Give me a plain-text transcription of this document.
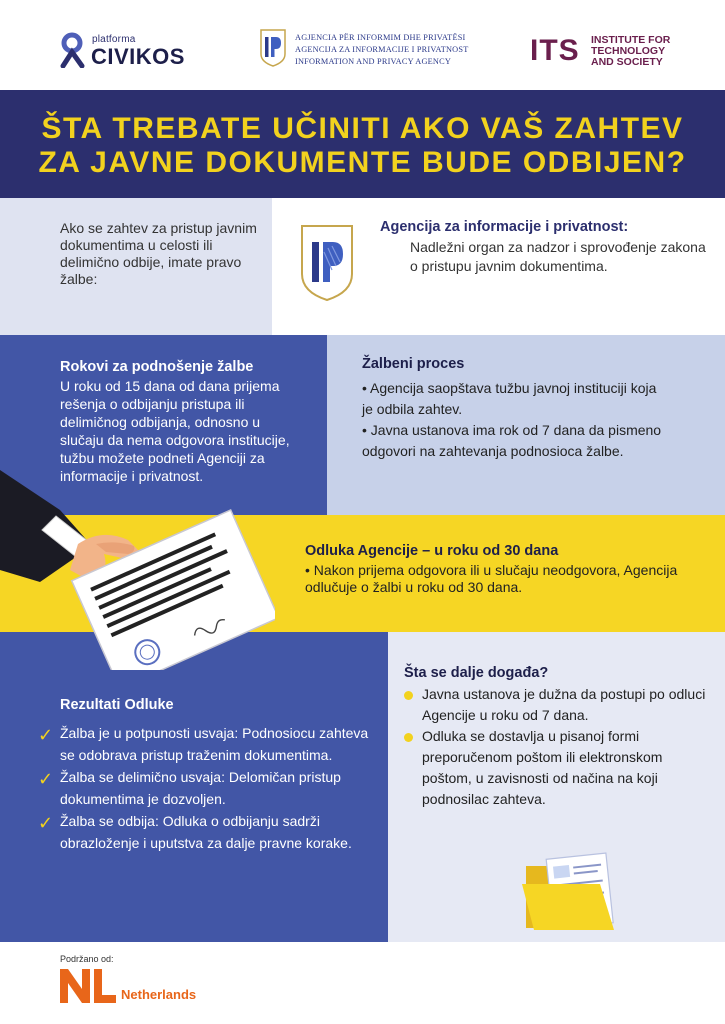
platforma
CIVIKOS
AGJENCIA PËR INFORMIM DHE PRIVATËSI
AGENCIJA ZA INFORMACIJE I PRIVATNOST
INFORMATION AND PRIVACY AGENCY	ITS INSTITUTE FOR
TECHNOLOGY
AND SOCIETY
ŠTA TREBATE UČINITI AKO VAŠ ZAHTEV
ZA JAVNE DOKUMENTE BUDE ODBIJEN?
Ako se zahtev za pristup javnim dokumentima u celosti ili delimično odbije, imate pravo žalbe:
Agencija za informacije i privatnost:
Nadležni organ za nadzor i sprovođenje zakona o pristupu javnim dokumentima.
Rokovi za podnošenje žalbe
U roku od 15 dana od dana prijema rešenja o odbijanju pristupa ili delimičnog odbijanja, odnosno u slučaju da nema odgovora institucije, tužbu možete podneti Agenciji za informacije i privatnost.
Žalbeni proces
• Agencija saopštava tužbu javnoj instituciji koja je odbila zahtev.
• Javna ustanova ima rok od 7 dana da pismeno odgovori na zahtevanja podnosioca žalbe.
Odluka Agencije – u roku od 30 dana
• Nakon prijema odgovora ili u slučaju neodgovora, Agencija odlučuje o žalbi u roku od 30 dana.
Rezultati Odluke
✓ Žalba je u potpunosti usvaja: Podnosiocu zahteva se odobrava pristup traženim dokumentima.
✓ Žalba se delimično usvaja: Delomičan pristup dokumentima je dozvoljen.
✓ Žalba se odbija: Odluka o odbijanju sadrži obrazloženje i uputstva za dalje pravne korake.
Šta se dalje događa?
Javna ustanova je dužna da postupi po odluci Agencije u roku od 7 dana.
Odluka se dostavlja u pisanoj formi preporučenom poštom ili elektronskom poštom, u zavisnosti od načina na koji podnosilac zahteva.
Podržano od:
Netherlands
